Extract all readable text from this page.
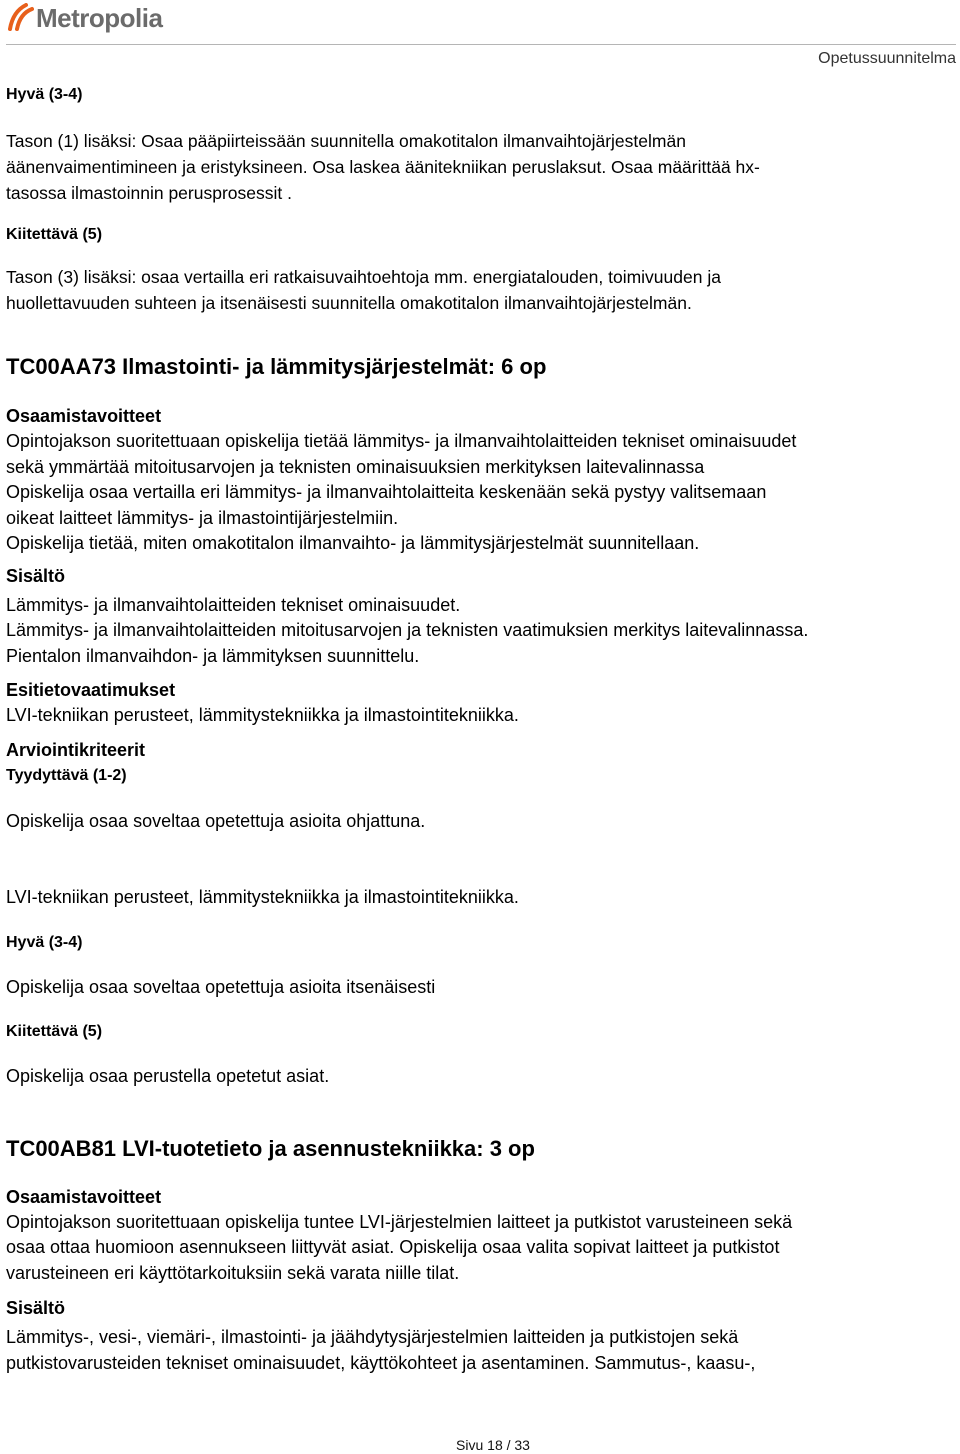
Metropolia
Opetussuunnitelma

Hyvä (3-4)

Tason (1) lisäksi: Osaa pääpiirteissään suunnitella omakotitalon ilmanvaihtojärjestelmän

äänenvaimentimineen ja eristyksineen. Osa laskea äänitekniikan peruslaksut. Osaa määrittää hx-

tasossa ilmastoinnin perusprosessit .

Kiitettävä (5)

Tason (3) lisäksi: osaa vertailla eri ratkaisuvaihtoehtoja mm. energiatalouden, toimivuuden ja

huollettavuuden suhteen ja itsenäisesti suunnitella omakotitalon ilmanvaihtojärjestelmän.

TC00AA73 Ilmastointi- ja lämmitysjärjestelmät: 6 op

Osaamistavoitteet

Opintojakson suoritettuaan opiskelija tietää lämmitys- ja ilmanvaihtolaitteiden tekniset ominaisuudet

sekä ymmärtää mitoitusarvojen ja teknisten ominaisuuksien merkityksen laitevalinnassa

Opiskelija osaa vertailla eri lämmitys- ja ilmanvaihtolaitteita keskenään sekä pystyy valitsemaan

oikeat laitteet lämmitys- ja ilmastointijärjestelmiin.

Opiskelija tietää, miten omakotitalon ilmanvaihto- ja lämmitysjärjestelmät suunnitellaan.

Sisältö

Lämmitys- ja ilmanvaihtolaitteiden tekniset ominaisuudet.

Lämmitys- ja ilmanvaihtolaitteiden mitoitusarvojen ja teknisten vaatimuksien merkitys laitevalinnassa.

Pientalon ilmanvaihdon- ja lämmityksen suunnittelu.

Esitietovaatimukset

LVI-tekniikan perusteet, lämmitystekniikka ja ilmastointitekniikka.

Arviointikriteerit

Tyydyttävä (1-2)

Opiskelija osaa soveltaa opetettuja asioita ohjattuna.

LVI-tekniikan perusteet, lämmitystekniikka ja ilmastointitekniikka.

Hyvä (3-4)

Opiskelija osaa soveltaa opetettuja asioita itsenäisesti

Kiitettävä (5)

Opiskelija osaa perustella opetetut asiat.

TC00AB81 LVI-tuotetieto ja asennustekniikka: 3 op

Osaamistavoitteet

Opintojakson suoritettuaan opiskelija tuntee LVI-järjestelmien laitteet ja putkistot varusteineen sekä

osaa ottaa huomioon asennukseen liittyvät asiat. Opiskelija osaa valita sopivat laitteet ja putkistot

varusteineen eri käyttötarkoituksiin sekä varata niille tilat.

Sisältö

Lämmitys-, vesi-, viemäri-, ilmastointi- ja jäähdytysjärjestelmien laitteiden ja putkistojen sekä

putkistovarusteiden tekniset ominaisuudet, käyttökohteet ja asentaminen. Sammutus-, kaasu-,

Sivu 18 / 33
